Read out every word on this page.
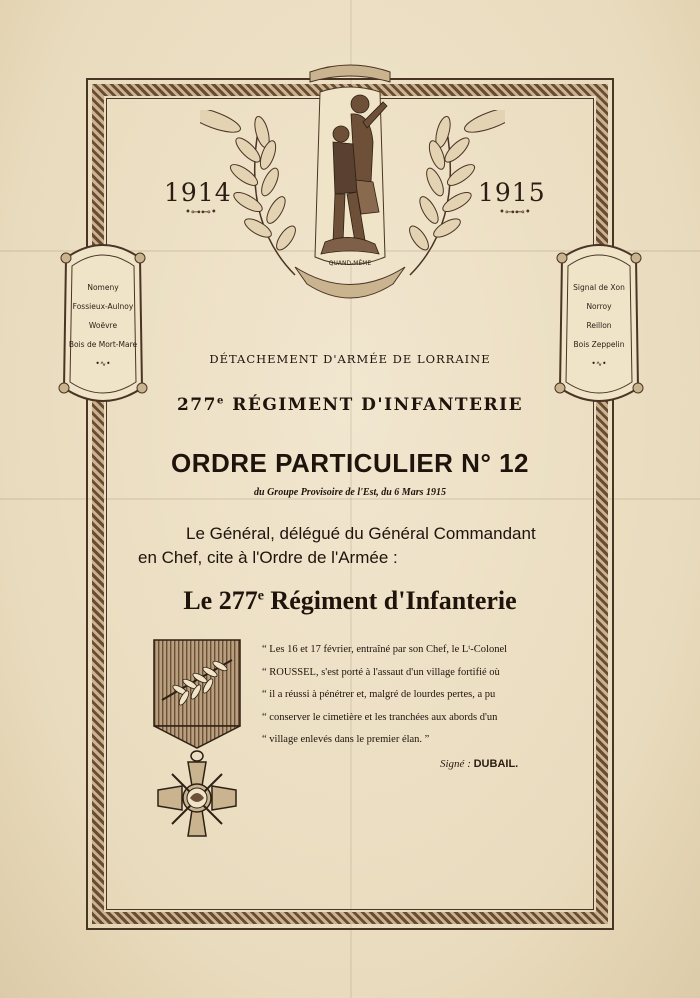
QUAND-MÊME
1914
•⊶⊷•
1915
•⊶⊷•
Nomeny
Fossieux-Aulnoy
Woëvre
Bois de Mort-Mare
•∿•
Signal de Xon
Norroy
Reillon
Bois Zeppelin
•∿•
DÉTACHEMENT D'ARMÉE DE LORRAINE
277e RÉGIMENT D'INFANTERIE
ORDRE PARTICULIER N° 12
du Groupe Provisoire de l'Est, du 6 Mars 1915
Le Général, délégué du Général Commandant
en Chef, cite à l'Ordre de l'Armée :
Le 277e Régiment d'Infanterie
“ Les 16 et 17 février, entraîné par son Chef, le Lᵗ-Colonel
“ ROUSSEL, s'est porté à l'assaut d'un village fortifié où
“ il a réussi à pénétrer et, malgré de lourdes pertes, a pu
“ conserver le cimetière et les tranchées aux abords d'un
“ village enlevés dans le premier élan. ”
Signé : DUBAIL.
